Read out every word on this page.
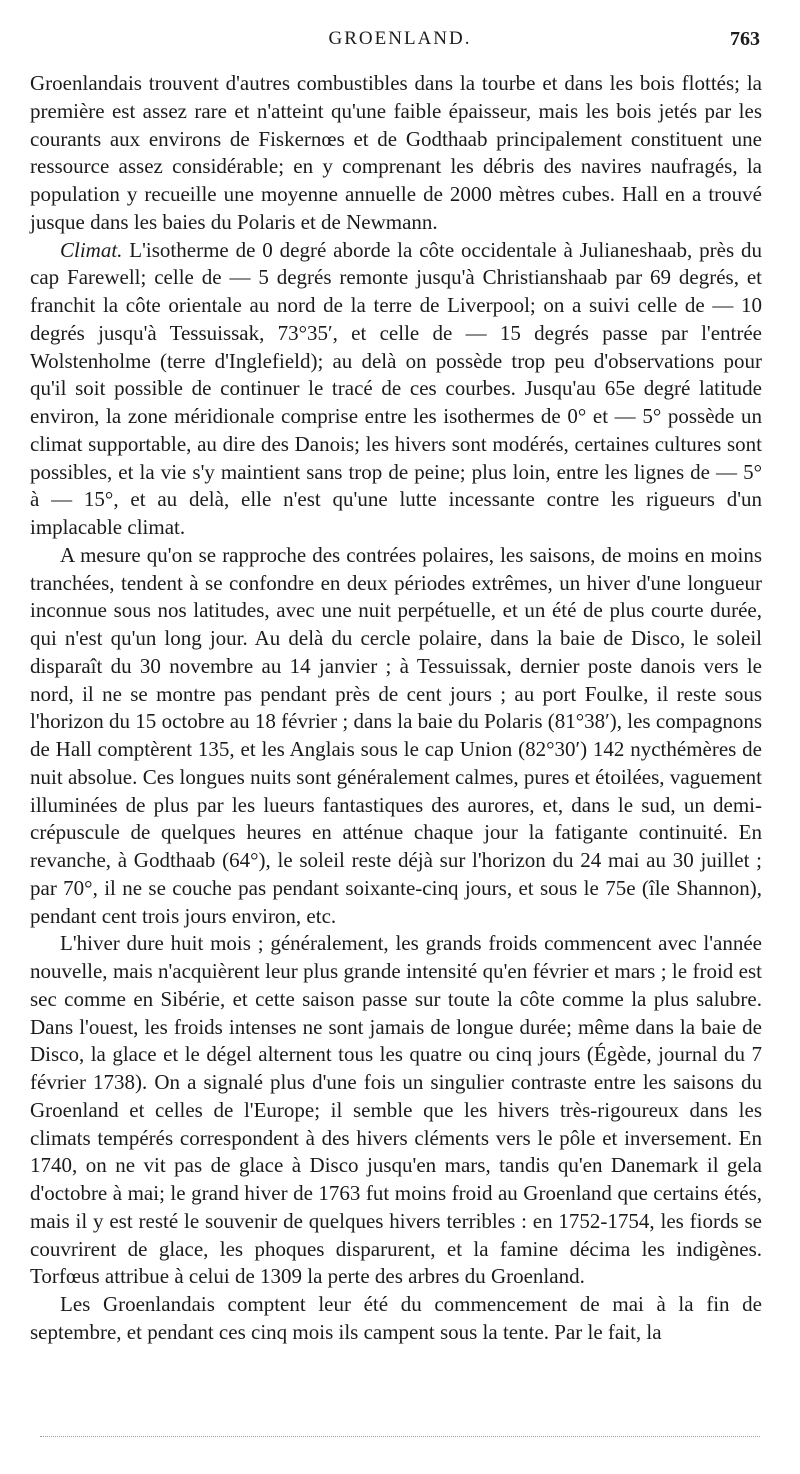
GROENLAND.	763

Groenlandais trouvent d'autres combustibles dans la tourbe et dans les bois flottés; la première est assez rare et n'atteint qu'une faible épaisseur, mais les bois jetés par les courants aux environs de Fiskernœs et de Godthaab principalement constituent une ressource assez considérable; en y comprenant les débris des navires naufragés, la population y recueille une moyenne annuelle de 2000 mètres cubes. Hall en a trouvé jusque dans les baies du Polaris et de Newmann.

Climat. L'isotherme de 0 degré aborde la côte occidentale à Julianeshaab, près du cap Farewell; celle de — 5 degrés remonte jusqu'à Christianshaab par 69 degrés, et franchit la côte orientale au nord de la terre de Liverpool; on a suivi celle de — 10 degrés jusqu'à Tessuissak, 73°35′, et celle de — 15 degrés passe par l'entrée Wolstenholme (terre d'Inglefield); au delà on possède trop peu d'observations pour qu'il soit possible de continuer le tracé de ces courbes. Jusqu'au 65e degré latitude environ, la zone méridionale comprise entre les isothermes de 0° et — 5° possède un climat supportable, au dire des Danois; les hivers sont modérés, certaines cultures sont possibles, et la vie s'y maintient sans trop de peine; plus loin, entre les lignes de — 5° à — 15°, et au delà, elle n'est qu'une lutte incessante contre les rigueurs d'un implacable climat.

A mesure qu'on se rapproche des contrées polaires, les saisons, de moins en moins tranchées, tendent à se confondre en deux périodes extrêmes, un hiver d'une longueur inconnue sous nos latitudes, avec une nuit perpétuelle, et un été de plus courte durée, qui n'est qu'un long jour. Au delà du cercle polaire, dans la baie de Disco, le soleil disparaît du 30 novembre au 14 janvier ; à Tessuissak, dernier poste danois vers le nord, il ne se montre pas pendant près de cent jours ; au port Foulke, il reste sous l'horizon du 15 octobre au 18 février ; dans la baie du Polaris (81°38′), les compagnons de Hall comptèrent 135, et les Anglais sous le cap Union (82°30′) 142 nycthémères de nuit absolue. Ces longues nuits sont généralement calmes, pures et étoilées, vaguement illuminées de plus par les lueurs fantastiques des aurores, et, dans le sud, un demi-crépuscule de quelques heures en atténue chaque jour la fatigante continuité. En revanche, à Godthaab (64°), le soleil reste déjà sur l'horizon du 24 mai au 30 juillet ; par 70°, il ne se couche pas pendant soixante-cinq jours, et sous le 75e (île Shannon), pendant cent trois jours environ, etc.

L'hiver dure huit mois ; généralement, les grands froids commencent avec l'année nouvelle, mais n'acquièrent leur plus grande intensité qu'en février et mars ; le froid est sec comme en Sibérie, et cette saison passe sur toute la côte comme la plus salubre. Dans l'ouest, les froids intenses ne sont jamais de longue durée; même dans la baie de Disco, la glace et le dégel alternent tous les quatre ou cinq jours (Égède, journal du 7 février 1738). On a signalé plus d'une fois un singulier contraste entre les saisons du Groenland et celles de l'Europe; il semble que les hivers très-rigoureux dans les climats tempérés correspondent à des hivers cléments vers le pôle et inversement. En 1740, on ne vit pas de glace à Disco jusqu'en mars, tandis qu'en Danemark il gela d'octobre à mai; le grand hiver de 1763 fut moins froid au Groenland que certains étés, mais il y est resté le souvenir de quelques hivers terribles : en 1752-1754, les fiords se couvrirent de glace, les phoques disparurent, et la famine décima les indigènes. Torfœus attribue à celui de 1309 la perte des arbres du Groenland.

Les Groenlandais comptent leur été du commencement de mai à la fin de septembre, et pendant ces cinq mois ils campent sous la tente. Par le fait, la
